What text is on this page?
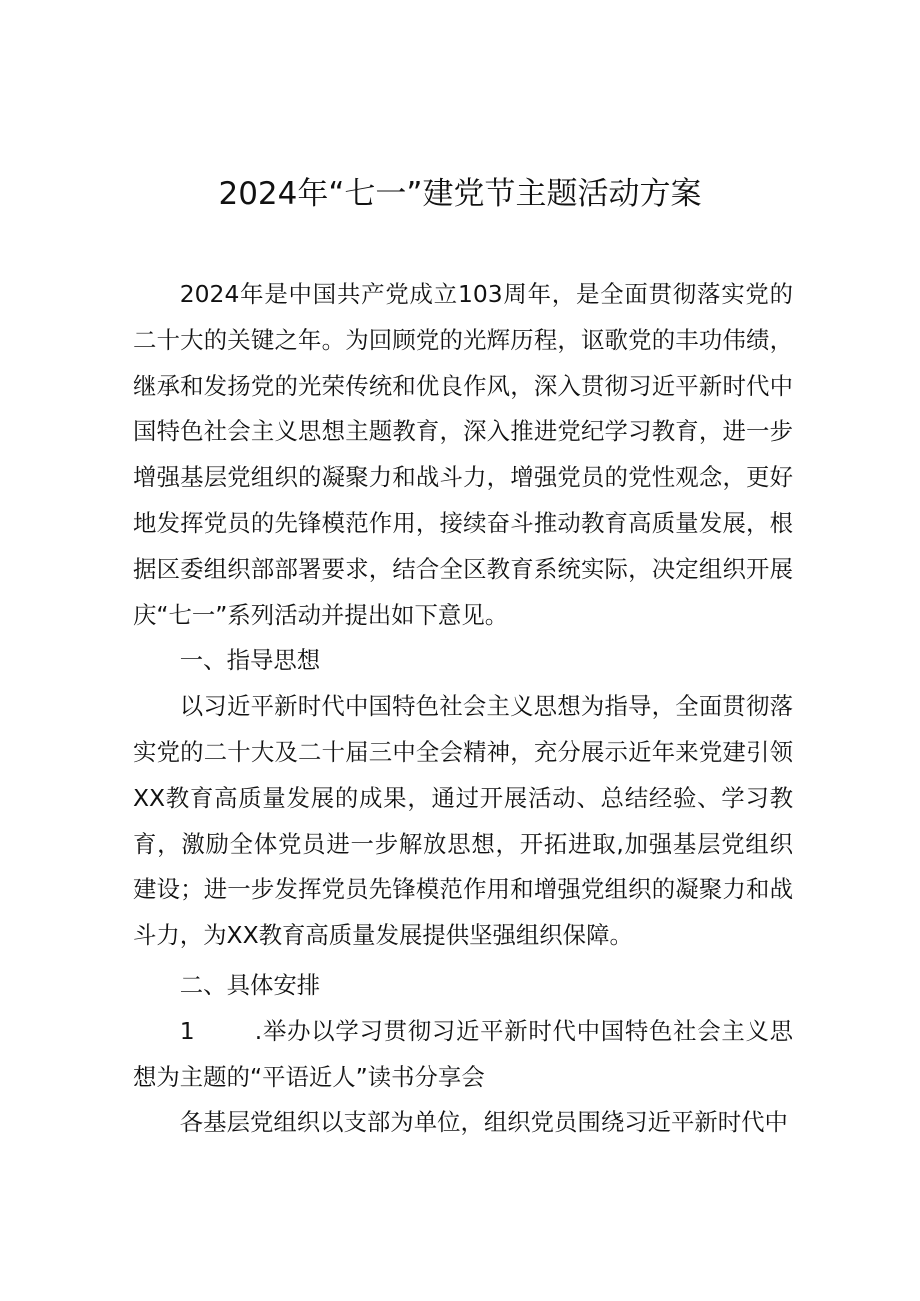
2024年“七一”建党节主题活动方案

2024年是中国共产党成立103周年，是全面贯彻落实党的二十大的关键之年。为回顾党的光辉历程，讴歌党的丰功伟绩，继承和发扬党的光荣传统和优良作风，深入贯彻习近平新时代中国特色社会主义思想主题教育，深入推进党纪学习教育，进一步增强基层党组织的凝聚力和战斗力，增强党员的党性观念，更好地发挥党员的先锋模范作用，接续奋斗推动教育高质量发展，根据区委组织部部署要求，结合全区教育系统实际，决定组织开展庆“七一”系列活动并提出如下意见。

一、指导思想

以习近平新时代中国特色社会主义思想为指导，全面贯彻落实党的二十大及二十届三中全会精神，充分展示近年来党建引领XX教育高质量发展的成果，通过开展活动、总结经验、学习教育，激励全体党员进一步解放思想，开拓进取,加强基层党组织建设；进一步发挥党员先锋模范作用和增强党组织的凝聚力和战斗力，为XX教育高质量发展提供坚强组织保障。

二、具体安排

1	.举办以学习贯彻习近平新时代中国特色社会主义思想为主题的“平语近人”读书分享会

各基层党组织以支部为单位，组织党员围绕习近平新时代中
